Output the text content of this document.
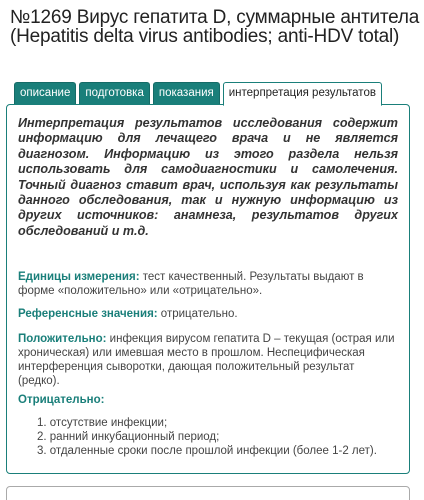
№1269 Вирус гепатита D, суммарные антитела (Hepatitis delta virus antibodies; anti-HDV total)
описание	подготовка	показания	интерпретация результатов
Интерпретация результатов исследования содержит информацию для лечащего врача и не является диагнозом. Информацию из этого раздела нельзя использовать для самодиагностики и самолечения. Точный диагноз ставит врач, используя как результаты данного обследования, так и нужную информацию из других источников: анамнеза, результатов других обследований и т.д.
Единицы измерения: тест качественный. Результаты выдают в форме «положительно» или «отрицательно».
Референсные значения: отрицательно.
Положительно: инфекция вирусом гепатита D – текущая (острая или хроническая) или имевшая место в прошлом. Неспецифическая интерференция сыворотки, дающая положительный результат (редко).
Отрицательно:
1. отсутствие инфекции;
2. ранний инкубационный период;
3. отдаленные сроки после прошлой инфекции (более 1-2 лет).
